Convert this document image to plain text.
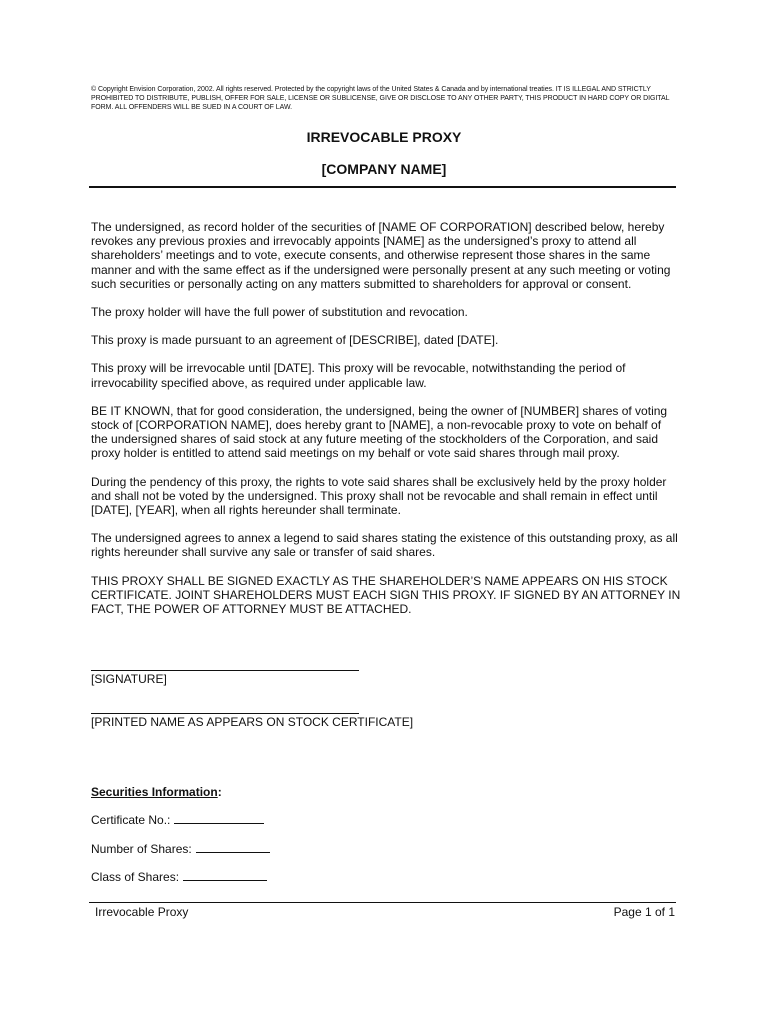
© Copyright Envision Corporation, 2002. All rights reserved. Protected by the copyright laws of the United States & Canada and by international treaties. IT IS ILLEGAL AND STRICTLY PROHIBITED TO DISTRIBUTE, PUBLISH, OFFER FOR SALE, LICENSE OR SUBLICENSE, GIVE OR DISCLOSE TO ANY OTHER PARTY, THIS PRODUCT IN HARD COPY OR DIGITAL FORM. ALL OFFENDERS WILL BE SUED IN A COURT OF LAW.
IRREVOCABLE PROXY
[COMPANY NAME]

The undersigned, as record holder of the securities of [NAME OF CORPORATION] described below, hereby revokes any previous proxies and irrevocably appoints [NAME] as the undersigned’s proxy to attend all shareholders’ meetings and to vote, execute consents, and otherwise represent those shares in the same manner and with the same effect as if the undersigned were personally present at any such meeting or voting such securities or personally acting on any matters submitted to shareholders for approval or consent.

The proxy holder will have the full power of substitution and revocation.

This proxy is made pursuant to an agreement of [DESCRIBE], dated [DATE].

This proxy will be irrevocable until [DATE]. This proxy will be revocable, notwithstanding the period of irrevocability specified above, as required under applicable law.

BE IT KNOWN, that for good consideration, the undersigned, being the owner of [NUMBER] shares of voting stock of [CORPORATION NAME], does hereby grant to [NAME], a non-revocable proxy to vote on behalf of the undersigned shares of said stock at any future meeting of the stockholders of the Corporation, and said proxy holder is entitled to attend said meetings on my behalf or vote said shares through mail proxy.

During the pendency of this proxy, the rights to vote said shares shall be exclusively held by the proxy holder and shall not be voted by the undersigned. This proxy shall not be revocable and shall remain in effect until [DATE], [YEAR], when all rights hereunder shall terminate.

The undersigned agrees to annex a legend to said shares stating the existence of this outstanding proxy, as all rights hereunder shall survive any sale or transfer of said shares.

THIS PROXY SHALL BE SIGNED EXACTLY AS THE SHAREHOLDER’S NAME APPEARS ON HIS STOCK CERTIFICATE. JOINT SHAREHOLDERS MUST EACH SIGN THIS PROXY. IF SIGNED BY AN ATTORNEY IN FACT, THE POWER OF ATTORNEY MUST BE ATTACHED.

[SIGNATURE]
[PRINTED NAME AS APPEARS ON STOCK CERTIFICATE]
Securities Information:
Certificate No.:
Number of Shares:
Class of Shares:
Irrevocable Proxy	Page 1 of 1
